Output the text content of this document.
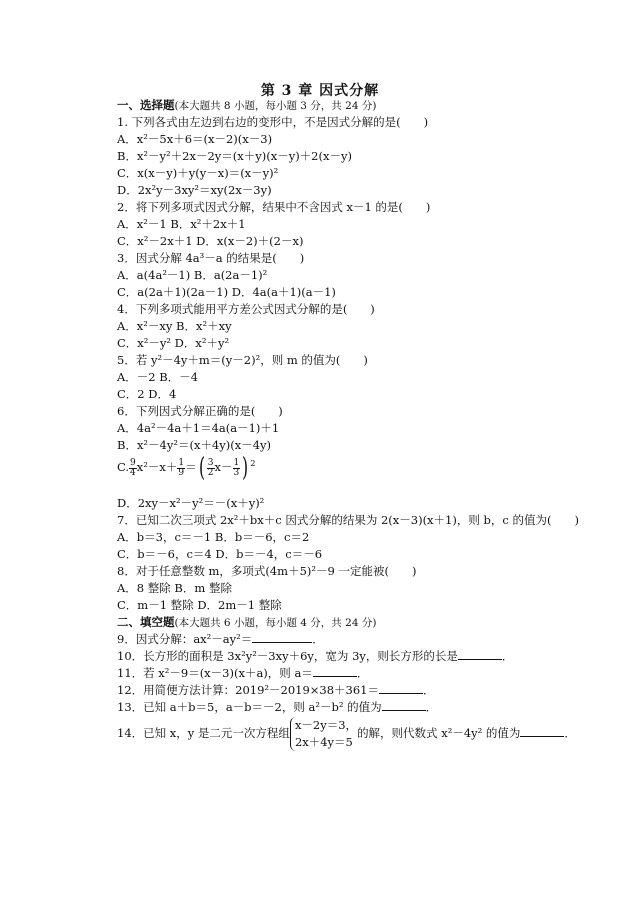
第 3 章 因式分解
一、选择题(本大题共 8 小题，每小题 3 分，共 24 分)
1. 下列各式由左边到右边的变形中，不是因式分解的是(　　)
A．x²－5x＋6＝(x－2)(x－3)
B．x²－y²＋2x－2y＝(x＋y)(x－y)＋2(x－y)
C．x(x－y)＋y(y－x)＝(x－y)²
D．2x²y－3xy²＝xy(2x－3y)
2．将下列多项式因式分解，结果中不含因式 x－1 的是(　　)
A．x²－1 B．x²＋2x＋1
C．x²－2x＋1 D．x(x－2)＋(2－x)
3．因式分解 4a³－a 的结果是(　　)
A．a(4a²－1) B．a(2a－1)²
C．a(2a＋1)(2a－1) D．4a(a＋1)(a－1)
4．下列多项式能用平方差公式因式分解的是(　　)
A．x²－xy B．x²＋xy
C．x²－y² D．x²＋y²
5．若 y²－4y＋m＝(y－2)²，则 m 的值为(　　)
A．－2 B．－4
C．2 D．4
6．下列因式分解正确的是(　　)
A．4a²－4a＋1＝4a(a－1)＋1
B．x²－4y²＝(x＋4y)(x－4y)
C. $\frac{9}{4} x^2-x+ \frac{1}{9}$ ＝( $\frac{3}{2} x- \frac{1}{3}$ ) $^2$
D．2xy－x²－y²＝－(x＋y)²
7．已知二次三项式 2x²＋bx＋c 因式分解的结果为 2(x－3)(x＋1)，则 b，c 的值为(　　)
A．b＝3，c＝－1 B．b＝－6，c＝2
C．b＝－6，c＝4 D．b＝－4，c＝－6
8．对于任意整数 m，多项式(4m＋5)²－9 一定能被(　　)
A．8 整除 B．m 整除
C．m－1 整除 D．2m－1 整除
二、填空题(本大题共 6 小题，每小题 4 分，共 24 分)
9．因式分解：ax²－ay²＝	．
10．长方形的面积是 3x²y²－3xy＋6y，宽为 3y，则长方形的长是	．
11．若 x²－9＝(x－3)(x＋a)，则 a＝	．
12．用简便方法计算：2019²－2019×38＋361＝	．
13．已知 a＋b＝5，a－b＝－2，则 a²－b² 的值为	．
14．已知 x，y 是二元一次方程组
x－2y＝3，
2x＋4y＝5
的解，则代数式 x²－4y² 的值为	．
